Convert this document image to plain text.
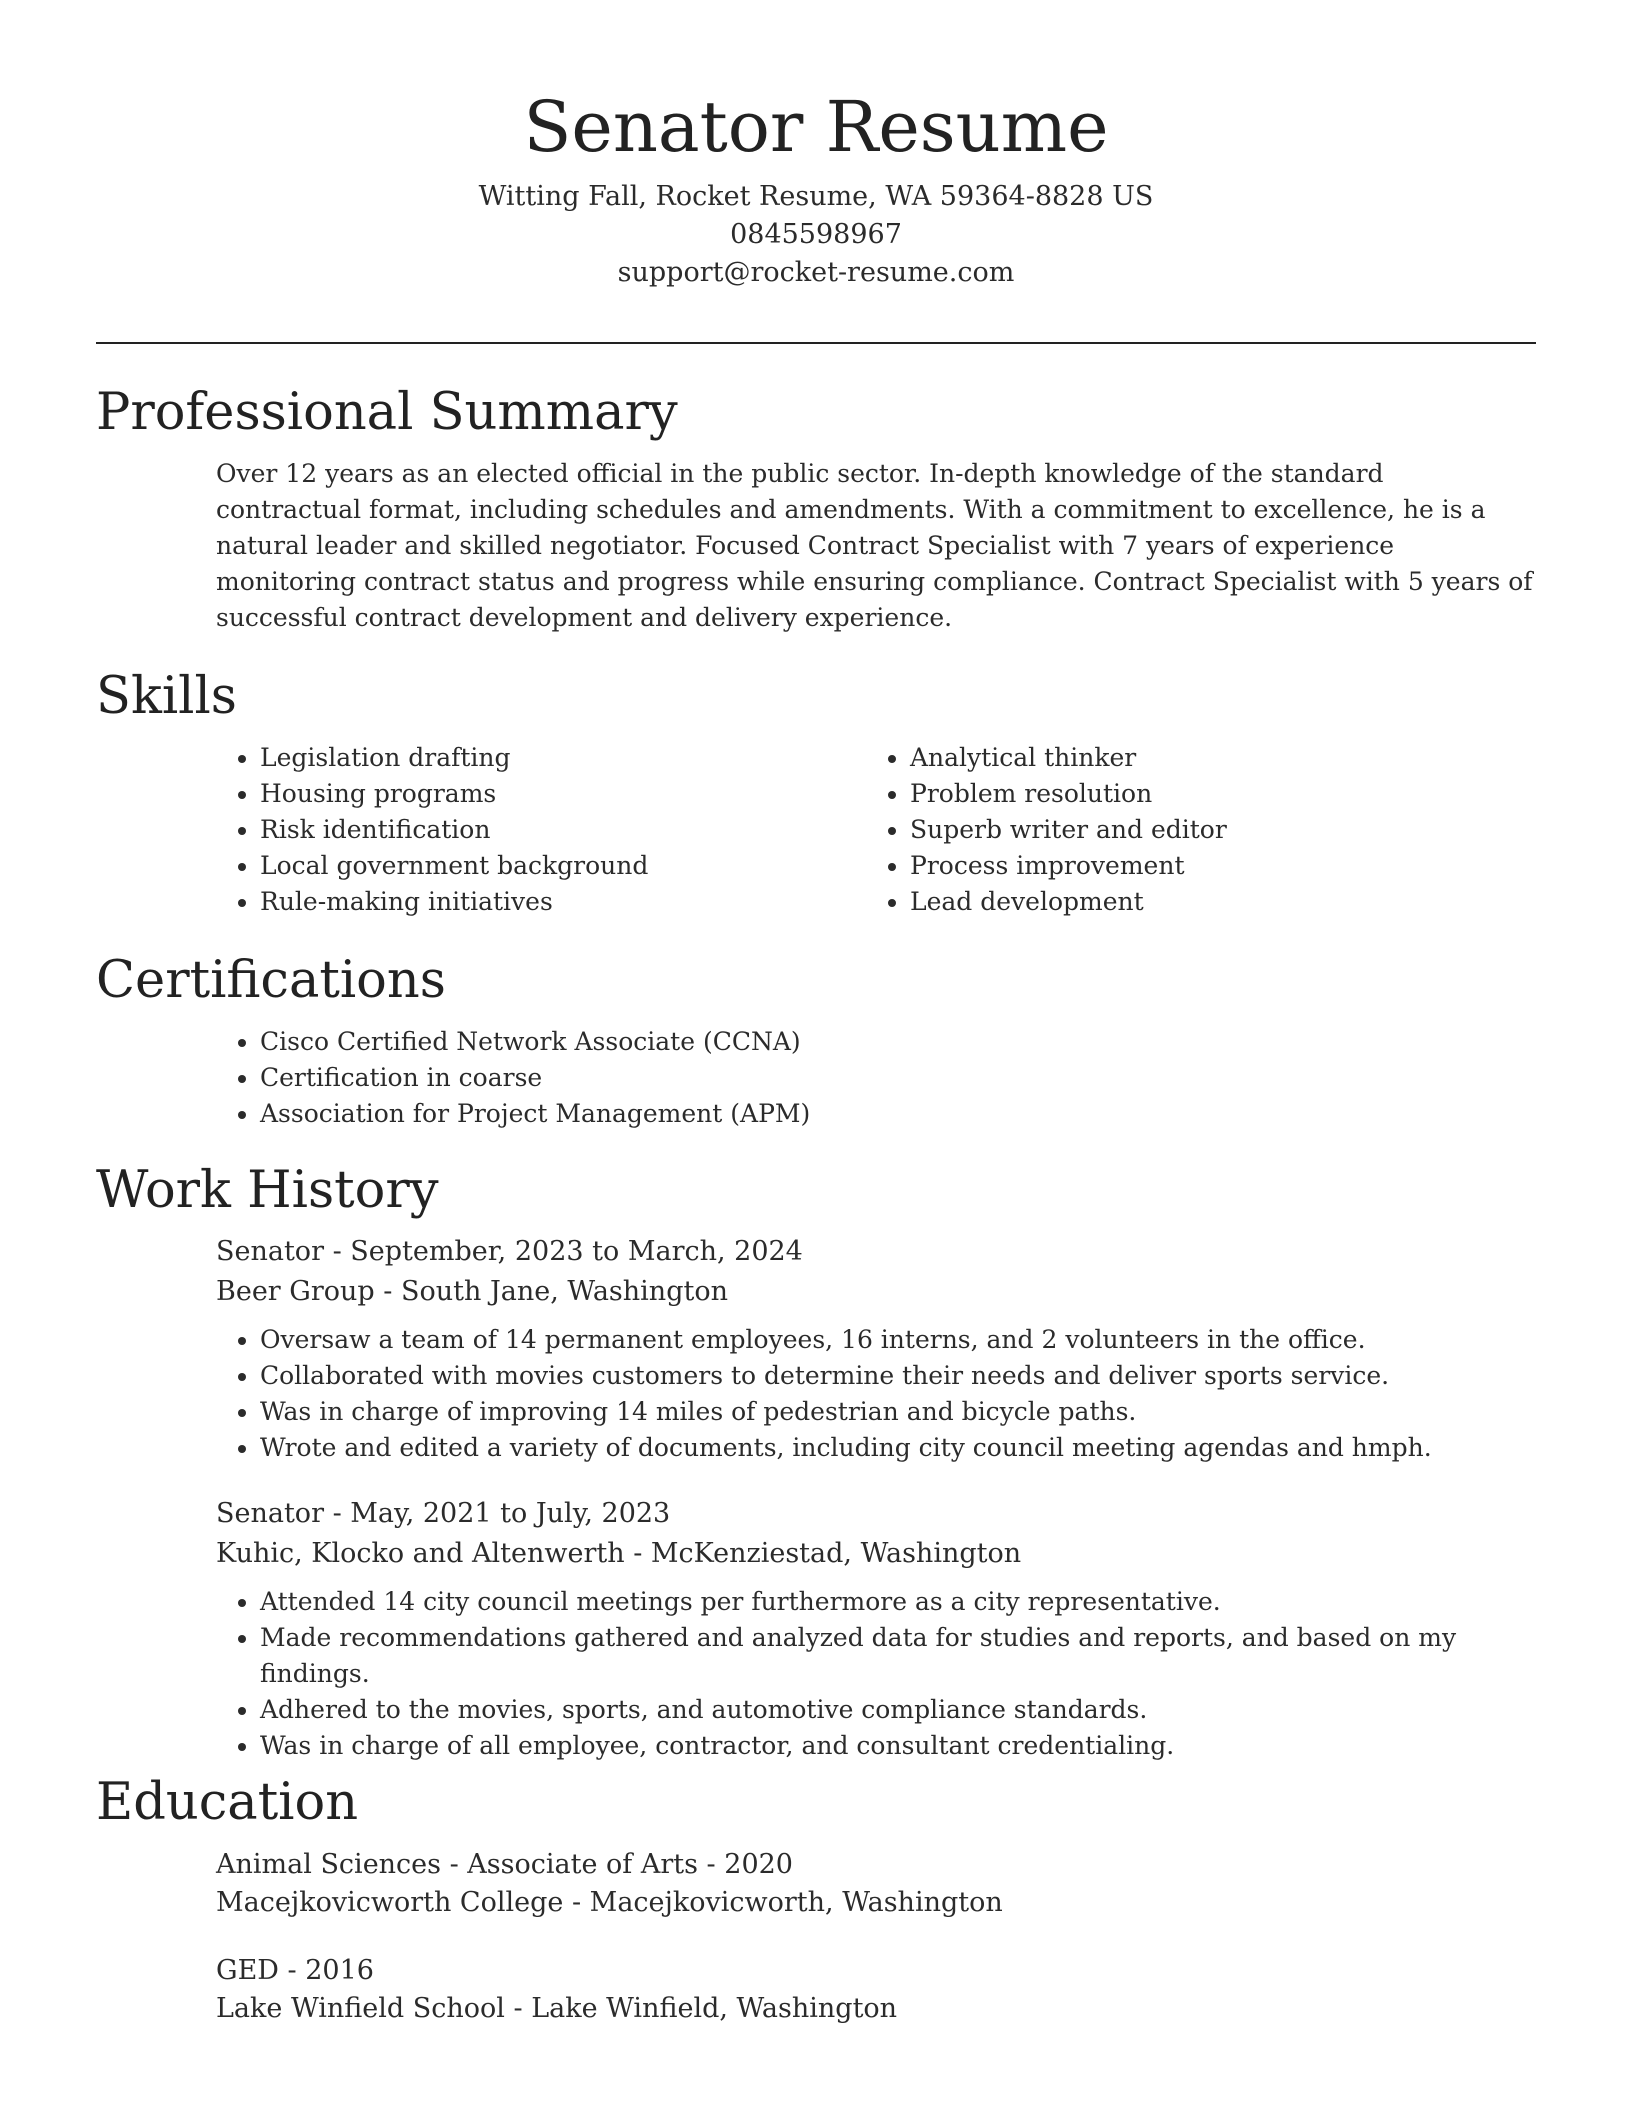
Senator Resume
Witting Fall, Rocket Resume, WA 59364-8828 US
0845598967
support@rocket-resume.com
Professional Summary

Over 12 years as an elected official in the public sector. In-depth knowledge of the standard contractual format, including schedules and amendments. With a commitment to excellence, he is a natural leader and skilled negotiator. Focused Contract Specialist with 7 years of experience monitoring contract status and progress while ensuring compliance. Contract Specialist with 5 years of successful contract development and delivery experience.

Skills
• Legislation drafting
• Housing programs
• Risk identification
• Local government background
• Rule-making initiatives
• Analytical thinker
• Problem resolution
• Superb writer and editor
• Process improvement
• Lead development
Certifications
• Cisco Certified Network Associate (CCNA)
• Certification in coarse
• Association for Project Management (APM)
Work History
Senator - September, 2023 to March, 2024
Beer Group - South Jane, Washington
• Oversaw a team of 14 permanent employees, 16 interns, and 2 volunteers in the office.
• Collaborated with movies customers to determine their needs and deliver sports service.
• Was in charge of improving 14 miles of pedestrian and bicycle paths.
• Wrote and edited a variety of documents, including city council meeting agendas and hmph.
Senator - May, 2021 to July, 2023
Kuhic, Klocko and Altenwerth - McKenziestad, Washington
• Attended 14 city council meetings per furthermore as a city representative.
• Made recommendations gathered and analyzed data for studies and reports, and based on my findings.
• Adhered to the movies, sports, and automotive compliance standards.
• Was in charge of all employee, contractor, and consultant credentialing.
Education
Animal Sciences - Associate of Arts - 2020
Macejkovicworth College - Macejkovicworth, Washington
GED - 2016
Lake Winfield School - Lake Winfield, Washington
